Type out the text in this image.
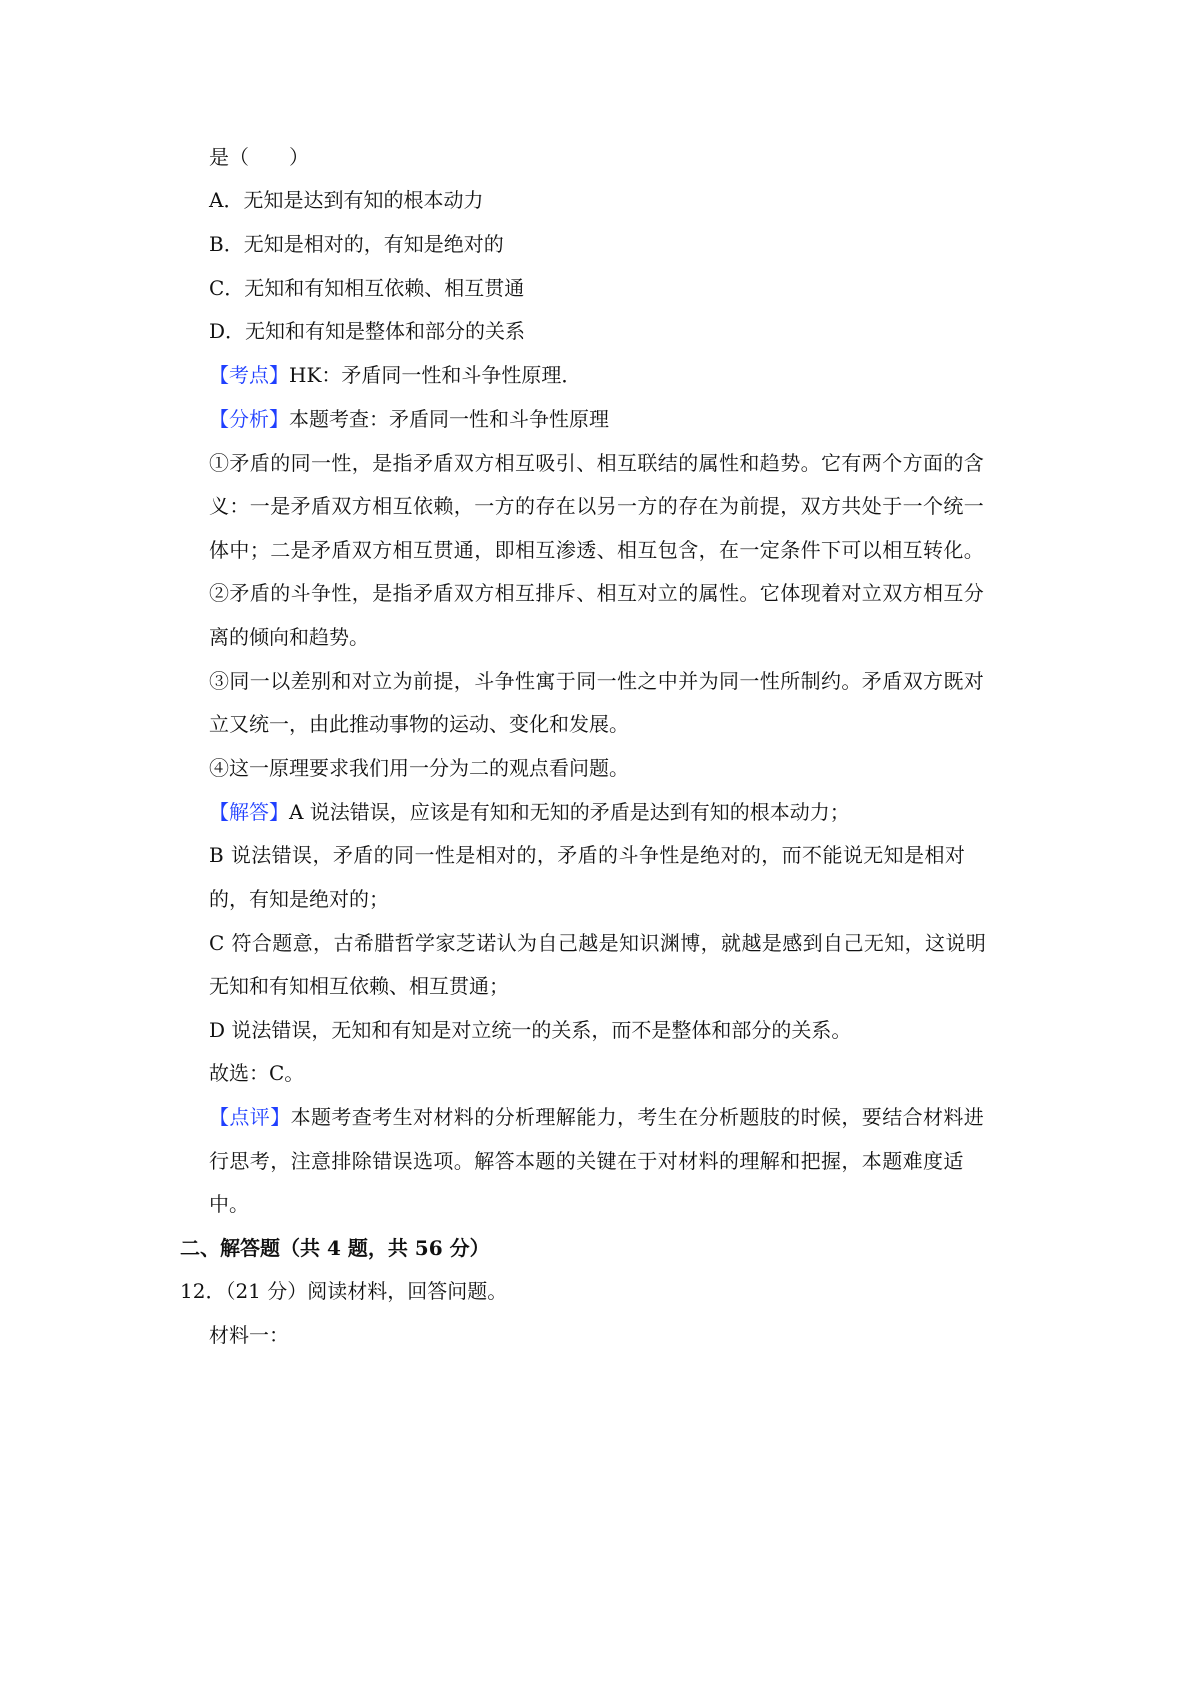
是（　　）
A．无知是达到有知的根本动力
B．无知是相对的，有知是绝对的
C．无知和有知相互依赖、相互贯通
D．无知和有知是整体和部分的关系
【考点】HK：矛盾同一性和斗争性原理．
【分析】本题考查：矛盾同一性和斗争性原理
①矛盾的同一性，是指矛盾双方相互吸引、相互联结的属性和趋势。它有两个方面的含
义：一是矛盾双方相互依赖，一方的存在以另一方的存在为前提，双方共处于一个统一
体中；二是矛盾双方相互贯通，即相互渗透、相互包含，在一定条件下可以相互转化。
②矛盾的斗争性，是指矛盾双方相互排斥、相互对立的属性。它体现着对立双方相互分
离的倾向和趋势。
③同一以差别和对立为前提，斗争性寓于同一性之中并为同一性所制约。矛盾双方既对
立又统一，由此推动事物的运动、变化和发展。
④这一原理要求我们用一分为二的观点看问题。
【解答】A 说法错误，应该是有知和无知的矛盾是达到有知的根本动力；
B 说法错误，矛盾的同一性是相对的，矛盾的斗争性是绝对的，而不能说无知是相对
的，有知是绝对的；
C 符合题意，古希腊哲学家芝诺认为自己越是知识渊博，就越是感到自己无知，这说明
无知和有知相互依赖、相互贯通；
D 说法错误，无知和有知是对立统一的关系，而不是整体和部分的关系。
故选：C。
【点评】本题考查考生对材料的分析理解能力，考生在分析题肢的时候，要结合材料进
行思考，注意排除错误选项。解答本题的关键在于对材料的理解和把握，本题难度适
中。
二、解答题（共 4 题，共 56 分）
12．（21 分）阅读材料，回答问题。
材料一：
